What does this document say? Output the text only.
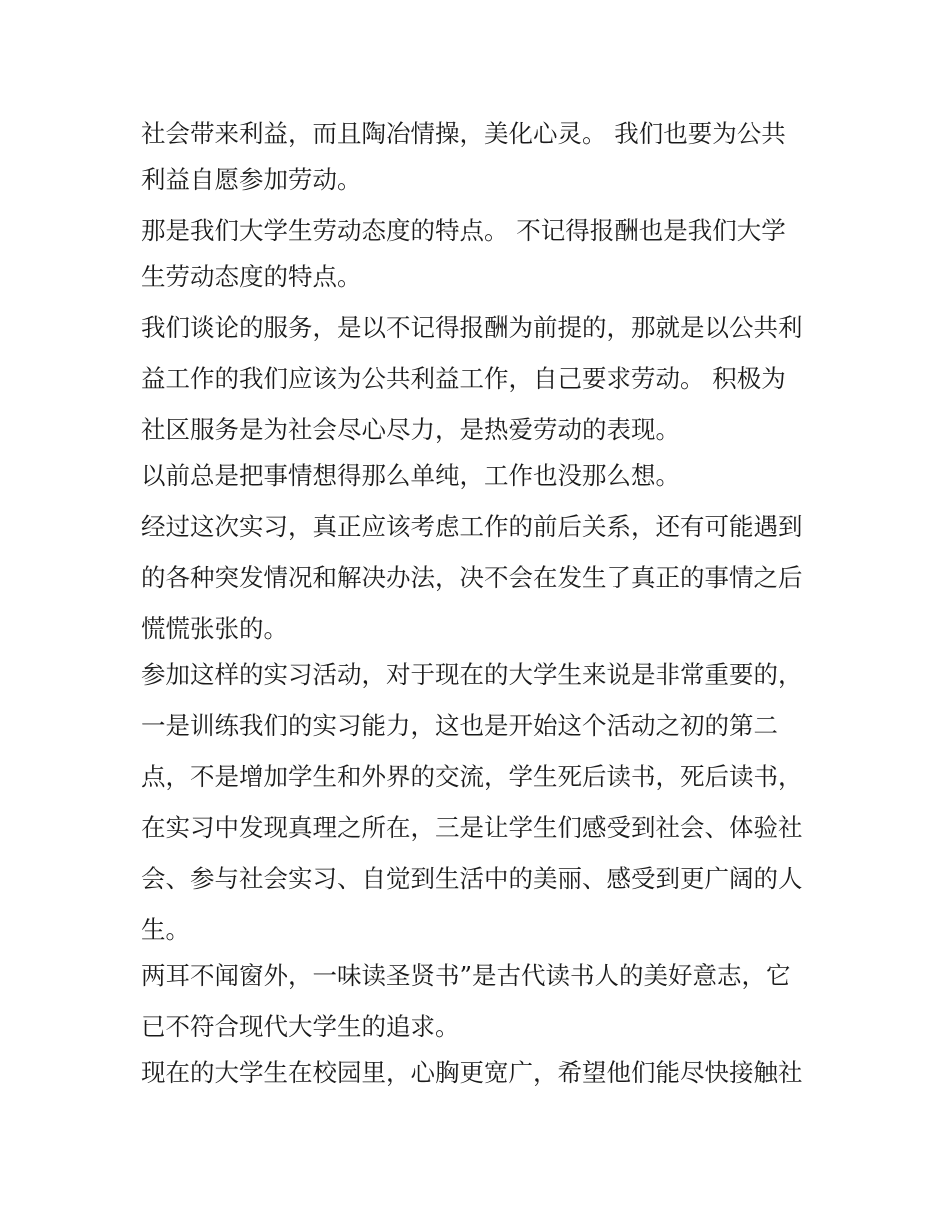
社会带来利益，而且陶冶情操，美化心灵。 我们也要为公共
利益自愿参加劳动。
那是我们大学生劳动态度的特点。 不记得报酬也是我们大学
生劳动态度的特点。
我们谈论的服务，是以不记得报酬为前提的，那就是以公共利
益工作的我们应该为公共利益工作，自己要求劳动。 积极为
社区服务是为社会尽心尽力，是热爱劳动的表现。
以前总是把事情想得那么单纯，工作也没那么想。
经过这次实习，真正应该考虑工作的前后关系，还有可能遇到
的各种突发情况和解决办法，决不会在发生了真正的事情之后
慌慌张张的。
参加这样的实习活动，对于现在的大学生来说是非常重要的，
一是训练我们的实习能力，这也是开始这个活动之初的第二
点，不是增加学生和外界的交流，学生死后读书，死后读书，
在实习中发现真理之所在，三是让学生们感受到社会、体验社
会、参与社会实习、自觉到生活中的美丽、感受到更广阔的人
生。
两耳不闻窗外，一味读圣贤书”是古代读书人的美好意志，它
已不符合现代大学生的追求。
现在的大学生在校园里，心胸更宽广，希望他们能尽快接触社
